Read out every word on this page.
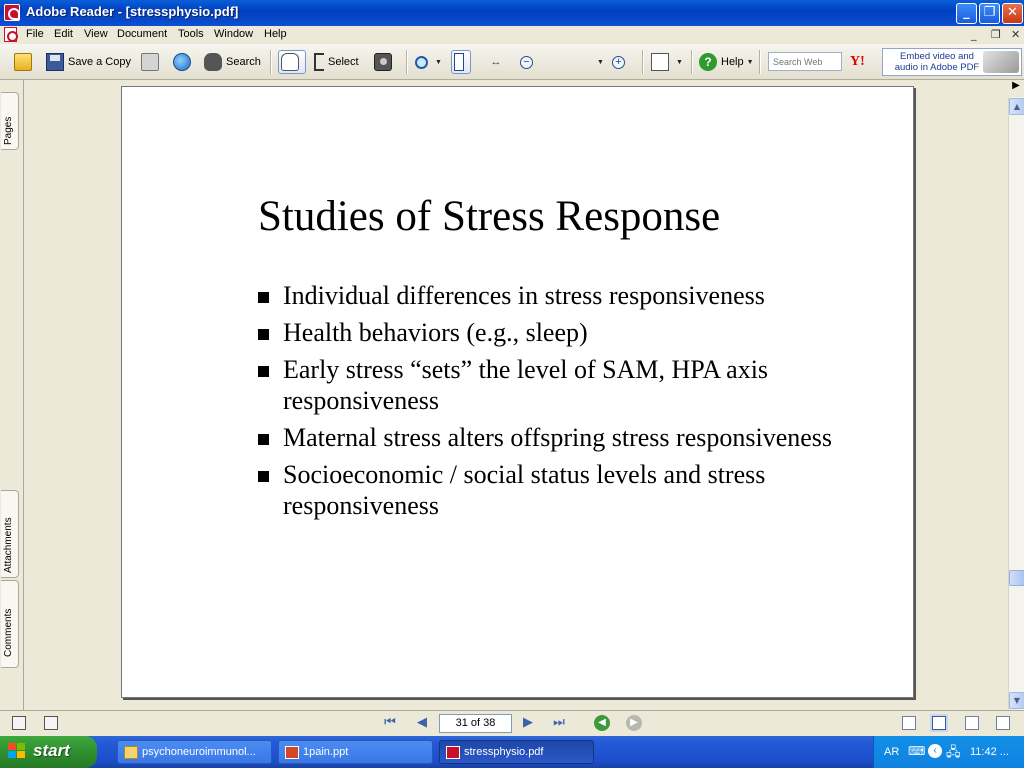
Adobe Reader - [stressphysio.pdf]	_	❐ ✕
File Edit View Document Tools Window Help	_ ❐ ✕
Save a Copy	Search	Select	▼	↔	−
%Vo	▼ +	▼	? Help ▼
Search Web	Y!	Embed video and audio in Adobe PDF
Pages
Attachments
Comments
Studies of Stress Response
Individual differences in stress responsiveness
Health behaviors (e.g., sleep)
Early stress “sets” the level of SAM, HPA axis responsiveness
Maternal stress alters offspring stress responsiveness
Socioeconomic / social status levels and stress responsiveness
▲
▼
▶
⏮ ◀	31 of 38	▶ ⏭	◀	▶
start	psychoneuroimmunol...	1pain.ppt	stressphysio.pdf	AR ⌨ ‹ 🖧 11:42 ...
